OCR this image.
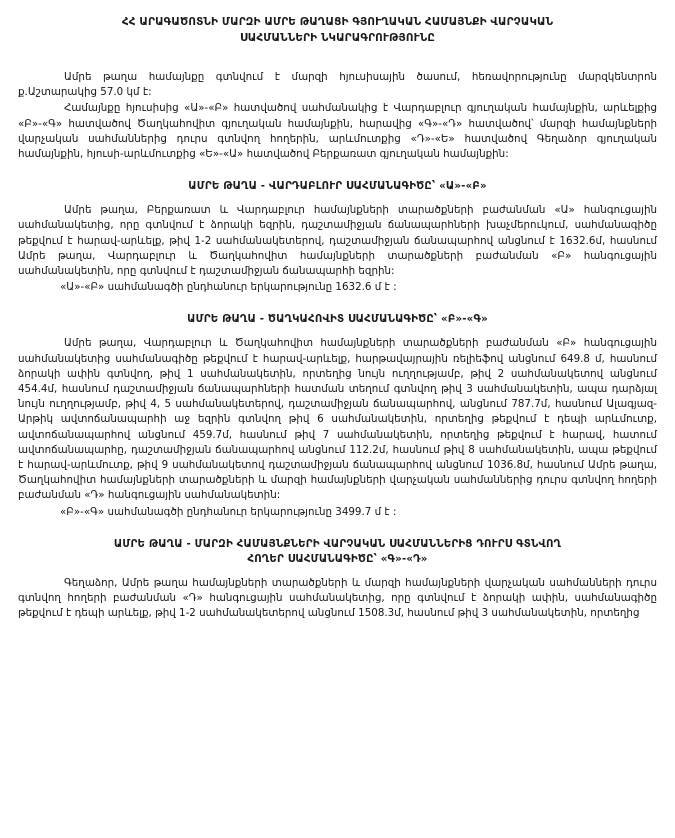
ՀՀ ԱՐԱԳԱԾՈՏՆԻ ՄԱՐԶԻ ԱՄՐԵ ԹԱՂԱՑԻ ԳՅՈՒՂԱԿԱՆ ՀԱՄԱՅՆՔԻ ՎԱՐՉԱԿԱՆ
ՍԱՀՄԱՆՆԵՐԻ ՆԿԱՐԱԳՐՈՒԹՅՈՒՆԸ

Ամրե թաղա համայնքը գտնվում է մարզի հյուսիսային ծասում, հեռավորությունը մարզկենտրոն ք.Աշտարակից 57.0 կմ է:

Համայնքը հյուսիսից «Ա»-«Բ» հատվածով սահմանակից է Վարդաբլուր գյուղական համայնքին, արևելքից «Բ»-«Գ» հատվածով Ծաղկահովիտ գյուղական համայնքին, հարավից «Գ»-«Դ» հատվածով՝ մարզի համայնքների վարչական սահմաններից դուրս գտնվող հողերին, արևմուտքից «Դ»-«Ե» հատվածով Գեղաձոր գյուղական համայնքին, հյուսի-արևմուտքից «Ե»-«Ա» հատվածով Բերքառատ գյուղական համայնքին:

ԱՄՐԵ ԹԱՂԱ - ՎԱՐԴԱԲԼՈՒՐ ՍԱՀՄԱՆԱԳԻԾԸ՝ «Ա»-«Բ»

Ամրե թաղա, Բերքառատ և Վարդաբլուր համայնքների տարածքների բաժանման «Ա» հանգուցային սահմանակետից, որը գտնվում է ձորակի եզրին, դաշտամիջյան ճանապարհների խաչմերուկում, սահմանագիծը թեքվում է հարավ-արևելք, թիվ 1-2 սահմանակետերով, դաշտամիջյան ճանապարհով անցնում է 1632.6մ, հասնում Ամրե թաղա, Վարդաբլուր և Ծաղկահովիտ համայնքների տարածքների բաժանման «Բ» հանգուցային սահմանակետին, որը գտնվում է դաշտամիջյան ճանապարհի եզրին:

«Ա»-«Բ» սահմանագծի ընդհանուր երկարությունը 1632.6 մ է :

ԱՄՐԵ ԹԱՂԱ - ԾԱՂԿԱՀՈՎԻՏ ՍԱՀՄԱՆԱԳԻԾԸ՝ «Բ»-«Գ»

Ամրե թաղա, Վարդաբլուր և Ծաղկահովիտ համայնքների տարածքների բաժանման «Բ» հանգուցային սահմանակետից սահմանագիծը թեքվում է հարավ-արևելք, հարթավայրային ռելիեֆով անցնում 649.8 մ, հասնում ձորակի ափին գտնվող, թիվ 1 սահմանակետին, որտեղից նույն ուղղությամբ, թիվ 2 սահմանակետով անցնում 454.4մ, հասնում դաշտամիջյան ճանապարհների հատման տեղում գտնվող թիվ 3 սահմանակետին, ապա դարձյալ նույն ուղղությամբ, թիվ 4, 5 սահմանակետերով, դաշտամիջյան ճանապարհով, անցնում 787.7մ, հասնում Ալագյազ-Արթիկ ավտոճանապարհի աջ եզրին գտնվող թիվ 6 սահմանակետին, որտեղից թեքվում է դեպի արևմուտք, ավտոճանապարհով անցնում 459.7մ, հասնում թիվ 7 սահմանակետին, որտեղից թեքվում է հարավ, հատում ավտոճանապարհը, դաշտամիջյան ճանապարհով անցնում 112.2մ, հասնում թիվ 8 սահմանակետին, ապա թեքվում է հարավ-արևմուտք, թիվ 9 սահմանակետով դաշտամիջյան ճանապարհով անցնում 1036.8մ, հասնում Ամրե թաղա, Ծաղկահովիտ համայնքների տարածքների և մարզի համայնքների վարչական սահմաններից դուրս գտնվող հողերի բաժանման «Դ» հանգուցային սահմանակետին:

«Բ»-«Գ» սահմանագծի ընդհանուր երկարությունը 3499.7 մ է :

ԱՄՐԵ ԹԱՂԱ - ՄԱՐԶԻ ՀԱՄԱՅՆՔՆԵՐԻ ՎԱՐՉԱԿԱՆ ՍԱՀՄԱՆՆԵՐԻՑ ԴՈՒՐՍ ԳՏՆՎՈՂ
ՀՈՂԵՐ ՍԱՀՄԱՆԱԳԻԾԸ՝ «Գ»-«Դ»

Գեղաձոր, Ամրե թաղա համայնքների տարածքների և մարզի համայնքների վարչական սահմանների դուրս գտնվող հողերի բաժանման «Դ» հանգուցային սահմանակետից, որը գտնվում է ձորակի ափին, սահմանագիծը թեքվում է դեպի արևելք, թիվ 1-2 սահմանակետերով անցնում 1508.3մ, հասնում թիվ 3 սահմանակետին, որտեղից
